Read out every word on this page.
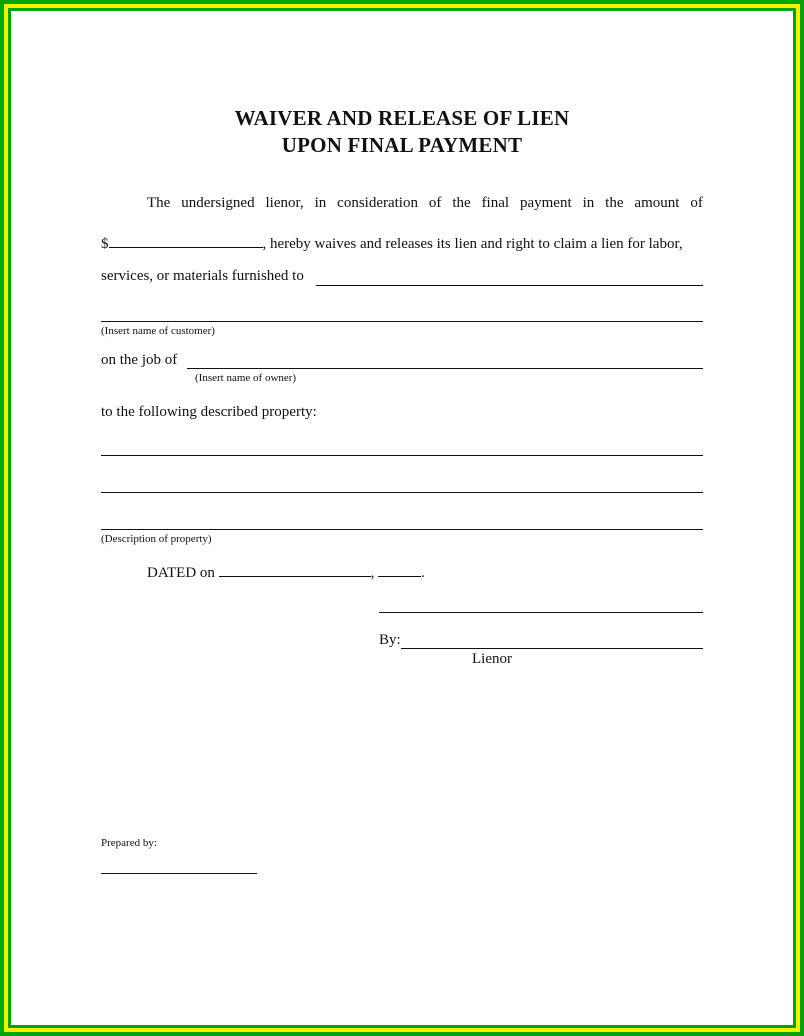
WAIVER AND RELEASE OF LIEN
UPON FINAL PAYMENT
The undersigned lienor, in consideration of the final payment in the amount of
$	, hereby waives and releases its lien and right to claim a lien for labor,
services, or materials furnished to
(Insert name of customer)
on the job of
(Insert name of owner)
to the following described property:
(Description of property)
DATED on	,	.
By:
Lienor
Prepared by:
